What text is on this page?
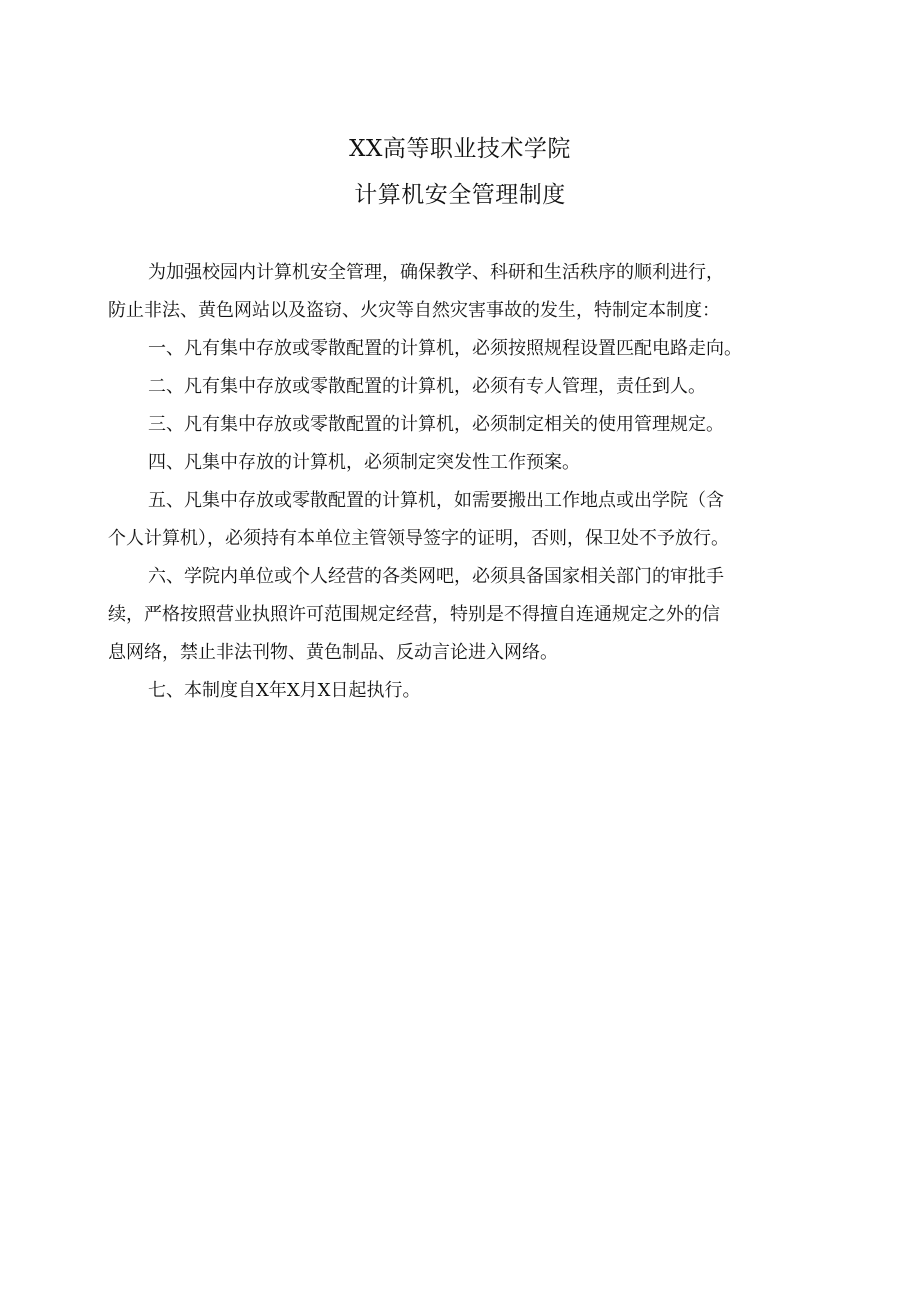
XX高等职业技术学院
计算机安全管理制度
为加强校园内计算机安全管理，确保教学、科研和生活秩序的顺利进行，
防止非法、黄色网站以及盗窃、火灾等自然灾害事故的发生，特制定本制度：
一、凡有集中存放或零散配置的计算机，必须按照规程设置匹配电路走向。
二、凡有集中存放或零散配置的计算机，必须有专人管理，责任到人。
三、凡有集中存放或零散配置的计算机，必须制定相关的使用管理规定。
四、凡集中存放的计算机，必须制定突发性工作预案。
五、凡集中存放或零散配置的计算机，如需要搬出工作地点或出学院（含
个人计算机），必须持有本单位主管领导签字的证明，否则，保卫处不予放行。
六、学院内单位或个人经营的各类网吧，必须具备国家相关部门的审批手
续，严格按照营业执照许可范围规定经营，特别是不得擅自连通规定之外的信
息网络，禁止非法刊物、黄色制品、反动言论进入网络。
七、本制度自X年X月X日起执行。
